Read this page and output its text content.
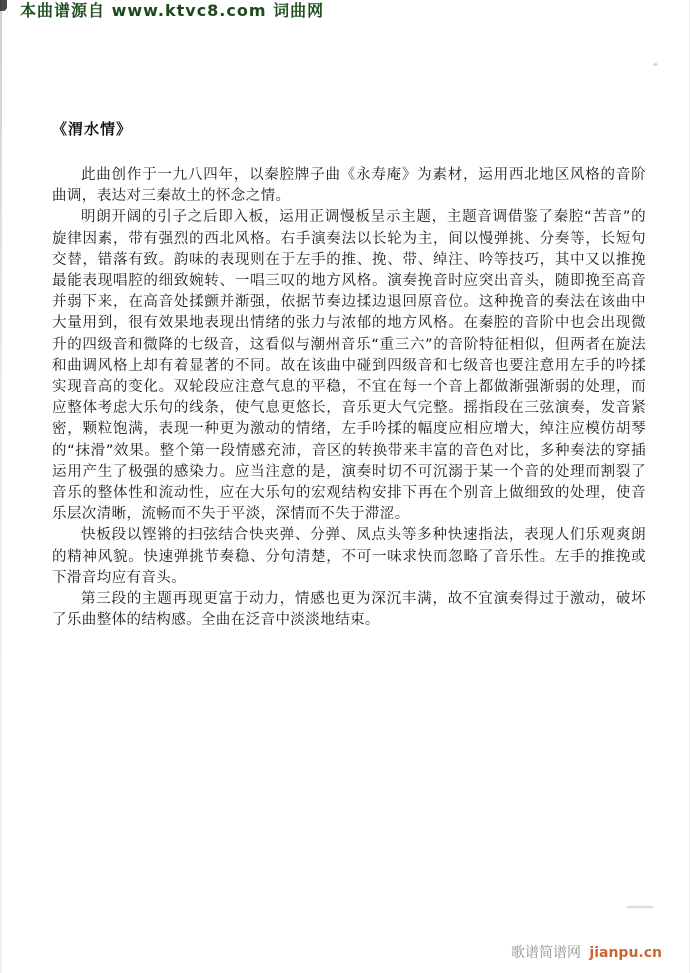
本曲谱源自 www.ktvc8.com 词曲网
《渭水情》

此曲创作于一九八四年，以秦腔牌子曲《永寿庵》为素材，运用西北地区风格的音阶曲调，表达对三秦故土的怀念之情。

明朗开阔的引子之后即入板，运用正调慢板呈示主题，主题音调借鉴了秦腔“苦音”的旋律因素，带有强烈的西北风格。右手演奏法以长轮为主，间以慢弹挑、分奏等，长短句交替，错落有致。韵味的表现则在于左手的推、挽、带、绰注、吟等技巧，其中又以推挽最能表现唱腔的细致婉转、一唱三叹的地方风格。演奏挽音时应突出音头，随即挽至高音并弱下来，在高音处揉颤并渐强，依据节奏边揉边退回原音位。这种挽音的奏法在该曲中大量用到，很有效果地表现出情绪的张力与浓郁的地方风格。在秦腔的音阶中也会出现微升的四级音和微降的七级音，这看似与潮州音乐“重三六”的音阶特征相似，但两者在旋法和曲调风格上却有着显著的不同。故在该曲中碰到四级音和七级音也要注意用左手的吟揉实现音高的变化。双轮段应注意气息的平稳，不宜在每一个音上都做渐强渐弱的处理，而应整体考虑大乐句的线条，使气息更悠长，音乐更大气完整。摇指段在三弦演奏，发音紧密，颗粒饱满，表现一种更为激动的情绪，左手吟揉的幅度应相应增大，绰注应模仿胡琴的“抹滑”效果。整个第一段情感充沛，音区的转换带来丰富的音色对比，多种奏法的穿插运用产生了极强的感染力。应当注意的是，演奏时切不可沉溺于某一个音的处理而割裂了音乐的整体性和流动性，应在大乐句的宏观结构安排下再在个别音上做细致的处理，使音乐层次清晰，流畅而不失于平淡，深情而不失于滞涩。

快板段以铿锵的扫弦结合快夹弹、分弹、凤点头等多种快速指法，表现人们乐观爽朗的精神风貌。快速弹挑节奏稳、分句清楚，不可一味求快而忽略了音乐性。左手的推挽或下滑音均应有音头。

第三段的主题再现更富于动力，情感也更为深沉丰满，故不宜演奏得过于激动，破坏了乐曲整体的结构感。全曲在泛音中淡淡地结束。

歌谱简谱网 jianpu.cn
